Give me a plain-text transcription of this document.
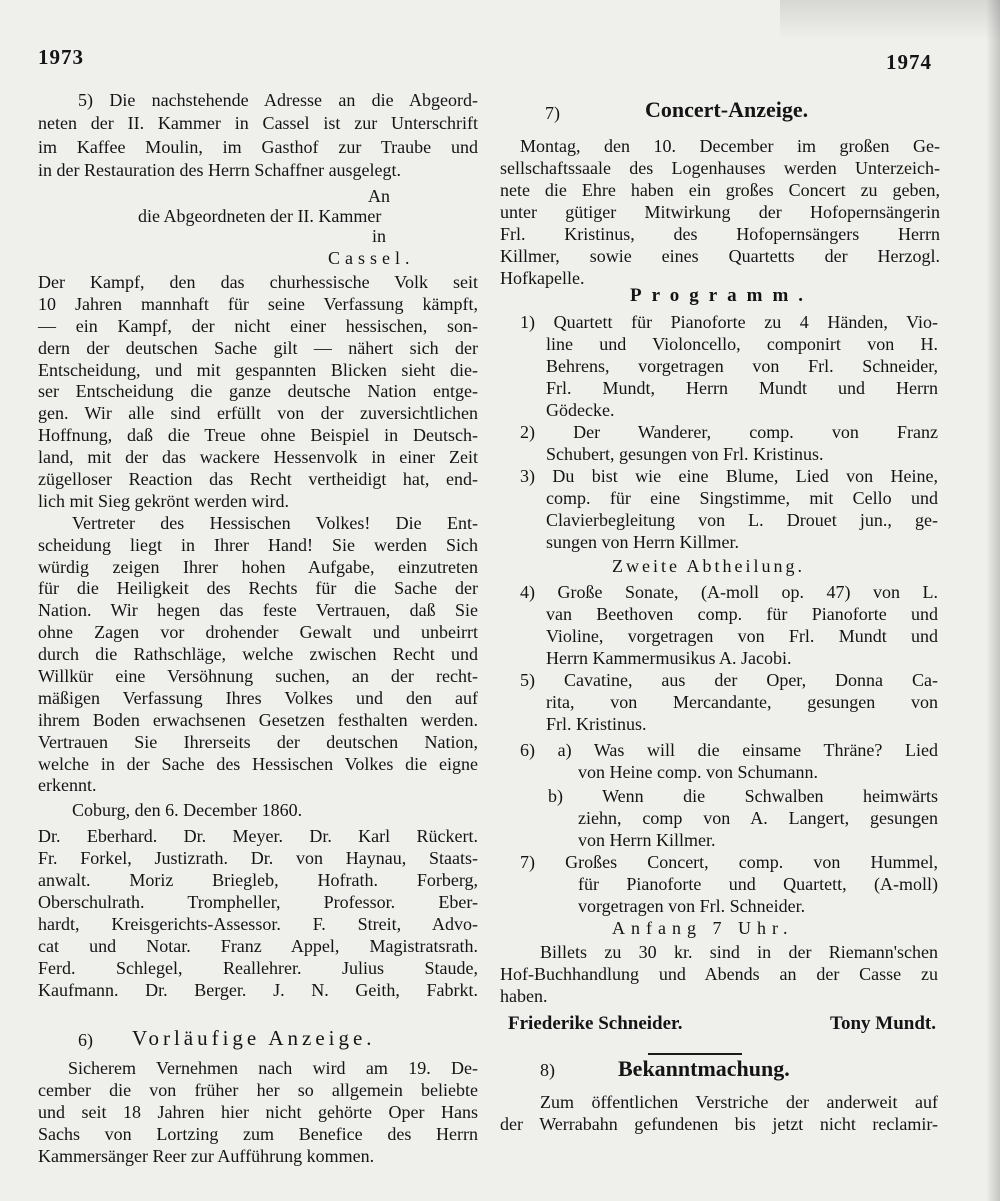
1973	1974
5) Die nachstehende Adresse an die Abgeord-
neten der II. Kammer in Cassel ist zur Unterschrift
im Kaffee Moulin, im Gasthof zur Traube und
in der Restauration des Herrn Schaffner ausgelegt.
An
die Abgeordneten der II. Kammer
in
Cassel.
Der Kampf, den das churhessische Volk seit
10 Jahren mannhaft für seine Verfassung kämpft,
— ein Kampf, der nicht einer hessischen, son-
dern der deutschen Sache gilt — nähert sich der
Entscheidung, und mit gespannten Blicken sieht die-
ser Entscheidung die ganze deutsche Nation entge-
gen. Wir alle sind erfüllt von der zuversichtlichen
Hoffnung, daß die Treue ohne Beispiel in Deutsch-
land, mit der das wackere Hessenvolk in einer Zeit
zügelloser Reaction das Recht vertheidigt hat, end-
lich mit Sieg gekrönt werden wird.
Vertreter des Hessischen Volkes! Die Ent-
scheidung liegt in Ihrer Hand! Sie werden Sich
würdig zeigen Ihrer hohen Aufgabe, einzutreten
für die Heiligkeit des Rechts für die Sache der
Nation. Wir hegen das feste Vertrauen, daß Sie
ohne Zagen vor drohender Gewalt und unbeirrt
durch die Rathschläge, welche zwischen Recht und
Willkür eine Versöhnung suchen, an der recht-
mäßigen Verfassung Ihres Volkes und den auf
ihrem Boden erwachsenen Gesetzen festhalten werden.
Vertrauen Sie Ihrerseits der deutschen Nation,
welche in der Sache des Hessischen Volkes die eigne
erkennt.
Coburg, den 6. December 1860.
Dr. Eberhard. Dr. Meyer. Dr. Karl Rückert.
Fr. Forkel, Justizrath. Dr. von Haynau, Staats-
anwalt. Moriz Briegleb, Hofrath. Forberg,
Oberschulrath. Trompheller, Professor. Eber-
hardt, Kreisgerichts-Assessor. F. Streit, Advo-
cat und Notar. Franz Appel, Magistratsrath.
Ferd. Schlegel, Reallehrer. Julius Staude,
Kaufmann. Dr. Berger. J. N. Geith, Fabrkt.
6) Vorläufige Anzeige.
Sicherem Vernehmen nach wird am 19. De-
cember die von früher her so allgemein beliebte
und seit 18 Jahren hier nicht gehörte Oper Hans
Sachs von Lortzing zum Benefice des Herrn
Kammersänger Reer zur Aufführung kommen.
7)	Concert-Anzeige.
Montag, den 10. December im großen Ge-
sellschaftssaale des Logenhauses werden Unterzeich-
nete die Ehre haben ein großes Concert zu geben,
unter gütiger Mitwirkung der Hofopernsängerin
Frl. Kristinus, des Hofopernsängers Herrn
Killmer, sowie eines Quartetts der Herzogl.
Hofkapelle.
Programm.
1) Quartett für Pianoforte zu 4 Händen, Vio-
line und Violoncello, componirt von H.
Behrens, vorgetragen von Frl. Schneider,
Frl. Mundt, Herrn Mundt und Herrn
Gödecke.
2) Der Wanderer, comp. von Franz
Schubert, gesungen von Frl. Kristinus.
3) Du bist wie eine Blume, Lied von Heine,
comp. für eine Singstimme, mit Cello und
Clavierbegleitung von L. Drouet jun., ge-
sungen von Herrn Killmer.
Zweite Abtheilung.
4) Große Sonate, (A-moll op. 47) von L.
van Beethoven comp. für Pianoforte und
Violine, vorgetragen von Frl. Mundt und
Herrn Kammermusikus A. Jacobi.
5) Cavatine, aus der Oper, Donna Ca-
rita, von Mercandante, gesungen von
Frl. Kristinus.
6) a) Was will die einsame Thräne? Lied
von Heine comp. von Schumann.
b) Wenn die Schwalben heimwärts
ziehn, comp von A. Langert, gesungen
von Herrn Killmer.
7) Großes Concert, comp. von Hummel,
für Pianoforte und Quartett, (A-moll)
vorgetragen von Frl. Schneider.
Anfang 7 Uhr.
Billets zu 30 kr. sind in der Riemann'schen
Hof-Buchhandlung und Abends an der Casse zu
haben.
Friederike Schneider.	Tony Mundt.
8)	Bekanntmachung.
Zum öffentlichen Verstriche der anderweit auf
der Werrabahn gefundenen bis jetzt nicht reclamir-
